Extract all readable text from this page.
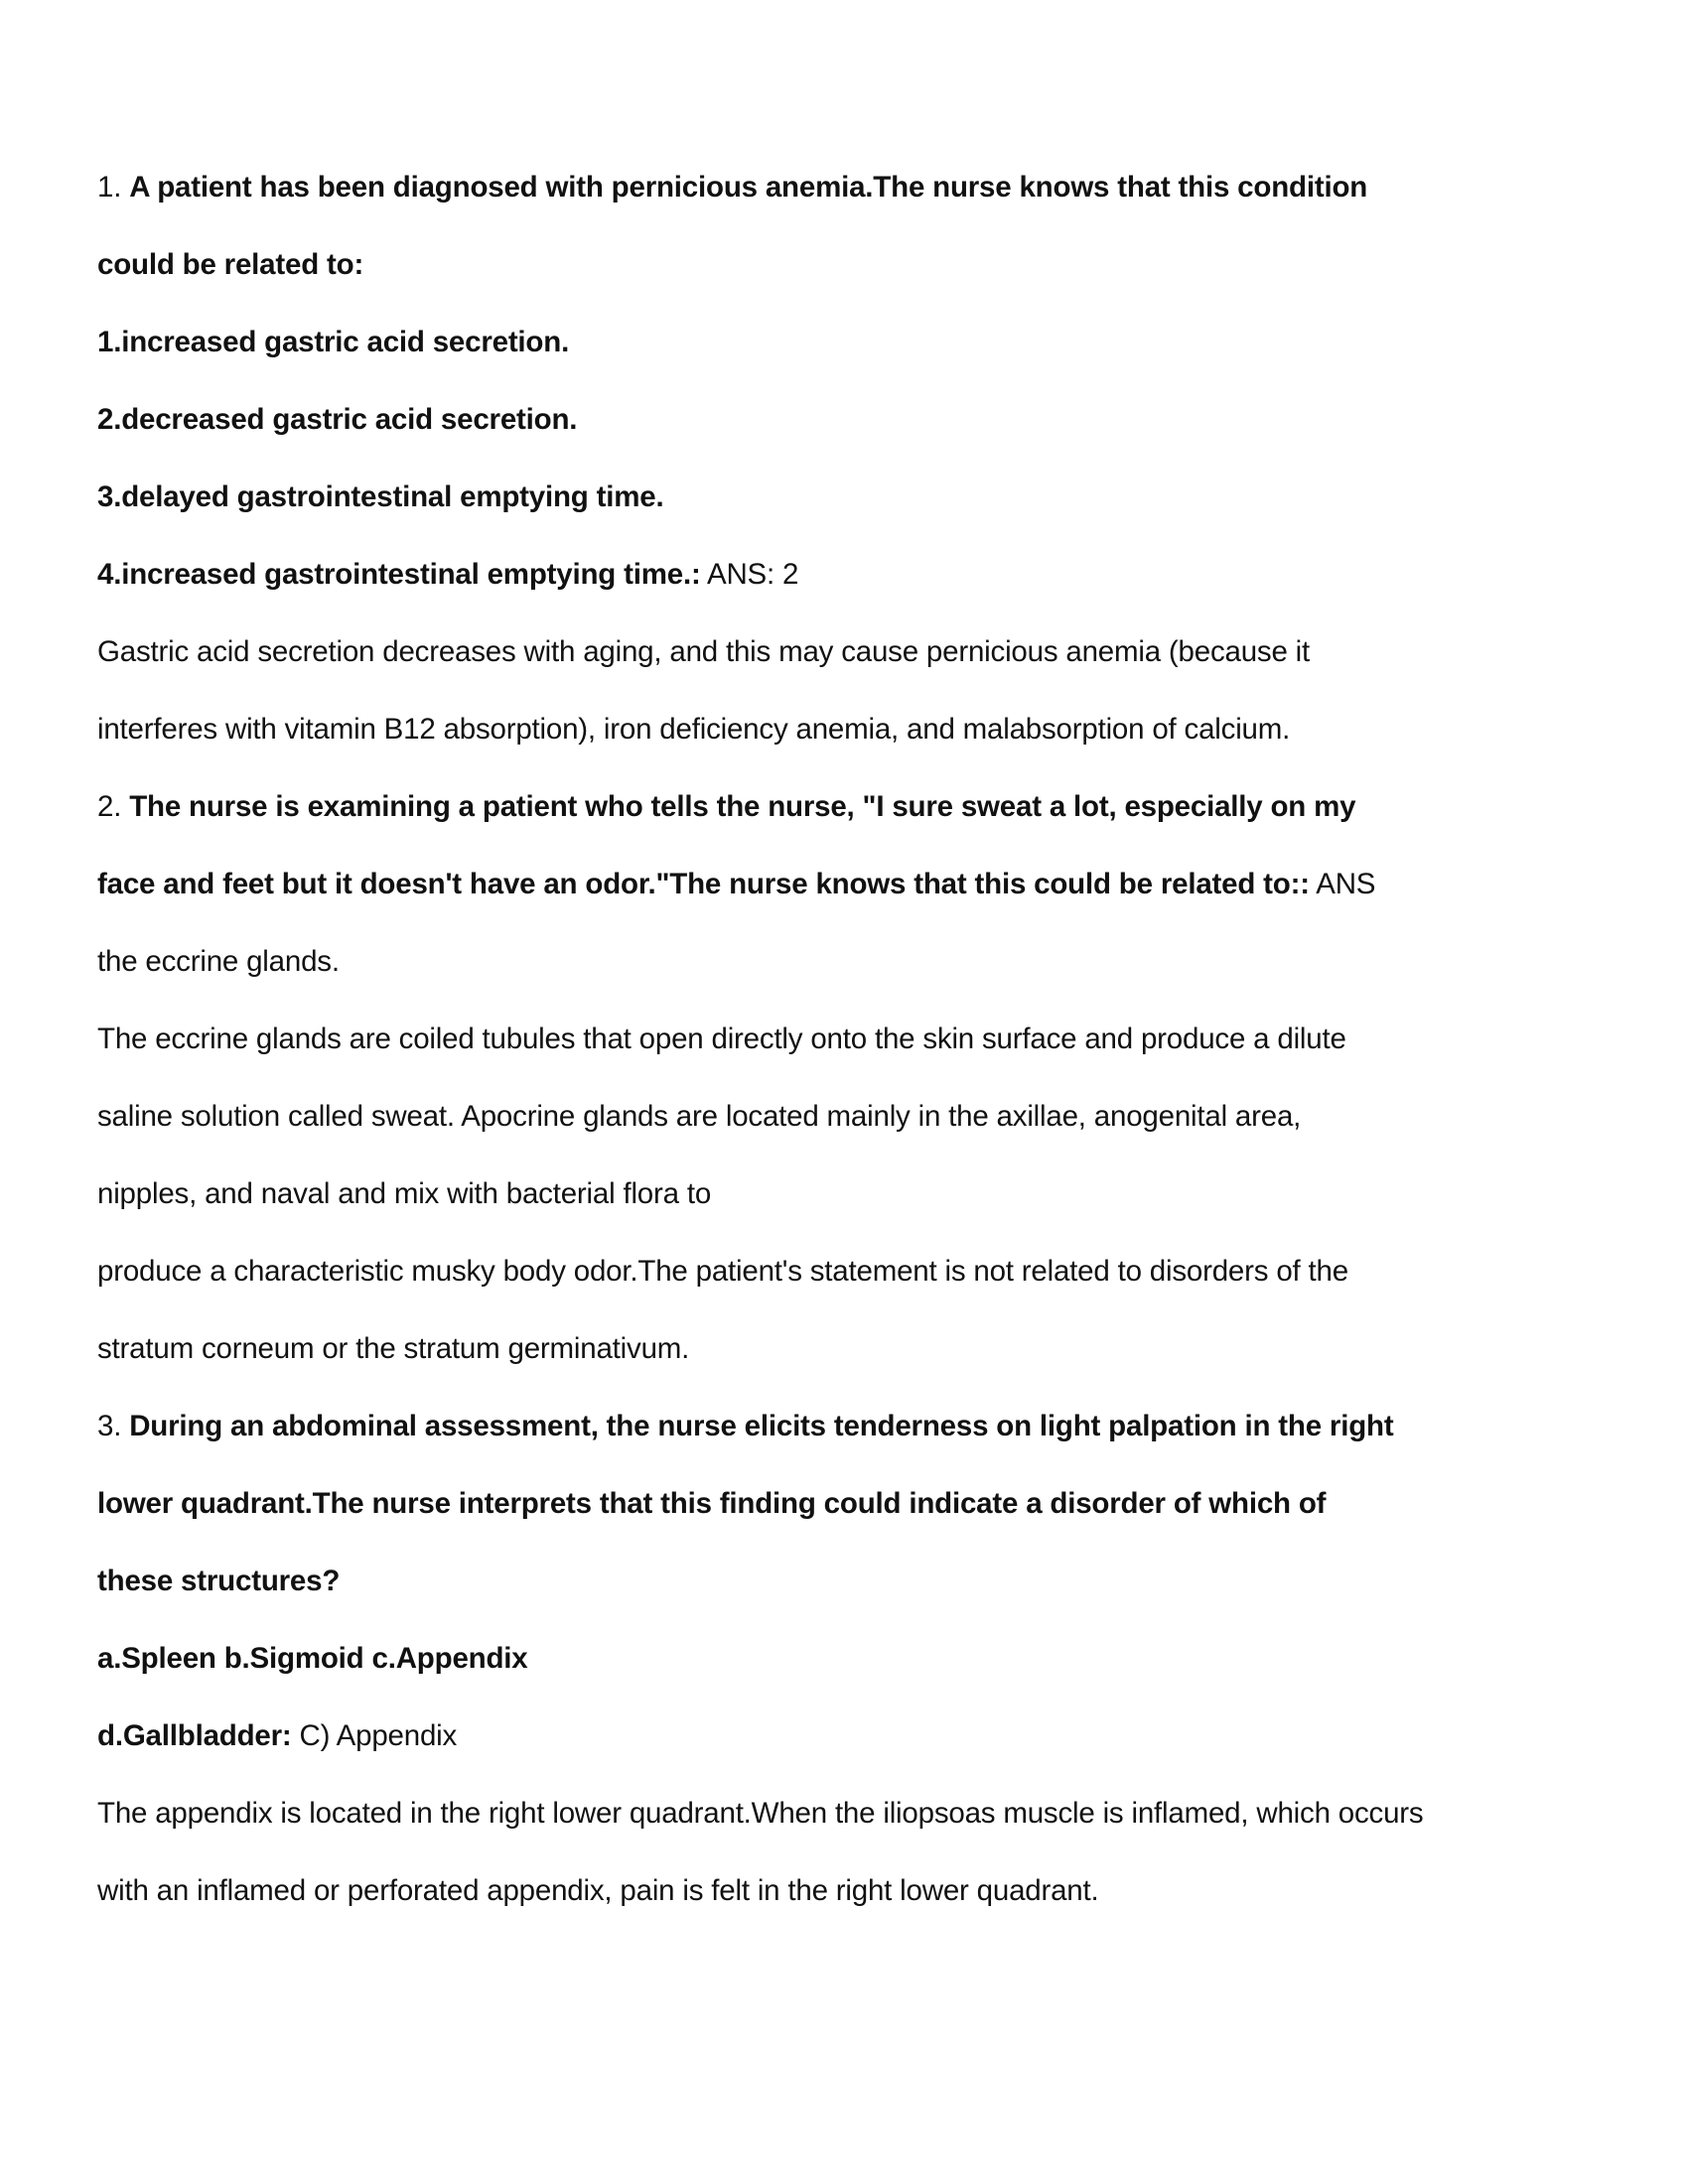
1. A patient has been diagnosed with pernicious anemia.The nurse knows that this condition
could be related to:
1.increased gastric acid secretion.
2.decreased gastric acid secretion.
3.delayed gastrointestinal emptying time.
4.increased gastrointestinal emptying time.: ANS: 2
Gastric acid secretion decreases with aging, and this may cause pernicious anemia (because it
interferes with vitamin B12 absorption), iron deficiency anemia, and malabsorption of calcium.
2. The nurse is examining a patient who tells the nurse, "I sure sweat a lot, especially on my
face and feet but it doesn't have an odor."The nurse knows that this could be related to:: ANS
the eccrine glands.
The eccrine glands are coiled tubules that open directly onto the skin surface and produce a dilute
saline solution called sweat. Apocrine glands are located mainly in the axillae, anogenital area,
nipples, and naval and mix with bacterial flora to
produce a characteristic musky body odor.The patient's statement is not related to disorders of the
stratum corneum or the stratum germinativum.
3. During an abdominal assessment, the nurse elicits tenderness on light palpation in the right
lower quadrant.The nurse interprets that this finding could indicate a disorder of which of
these structures?
a.Spleen b.Sigmoid c.Appendix
d.Gallbladder: C) Appendix
The appendix is located in the right lower quadrant.When the iliopsoas muscle is inflamed, which occurs
with an inflamed or perforated appendix, pain is felt in the right lower quadrant.
